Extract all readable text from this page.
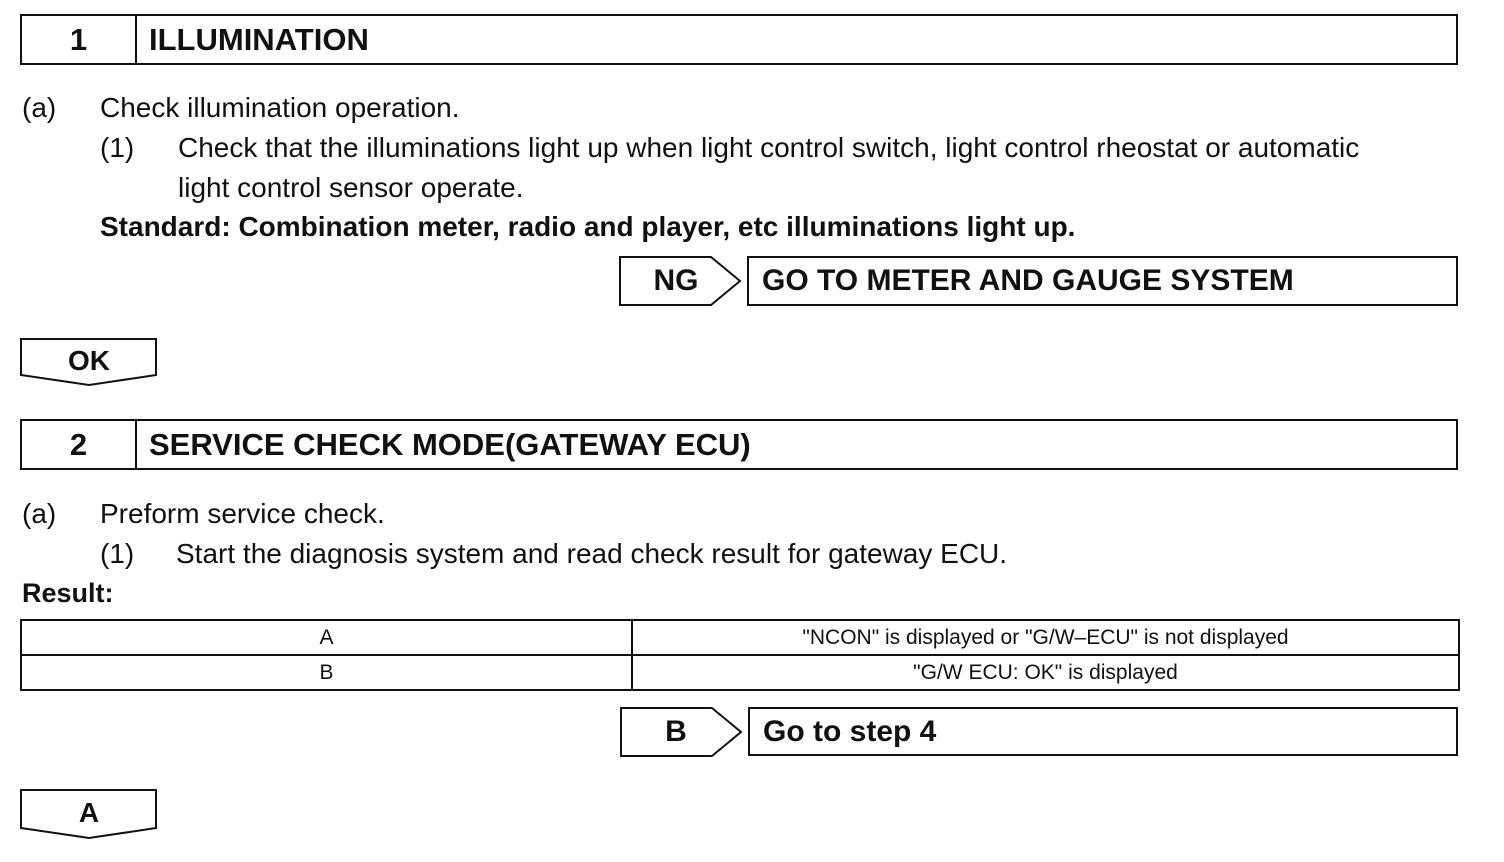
1	ILLUMINATION
(a) Check illumination operation.
(1) Check that the illuminations light up when light control switch, light control rheostat or automatic
light control sensor operate.
Standard: Combination meter, radio and player, etc illuminations light up.
NG	GO TO METER AND GAUGE SYSTEM
OK
2	SERVICE CHECK MODE(GATEWAY ECU)
(a) Preform service check.
(1) Start the diagnosis system and read check result for gateway ECU.
Result:
A	"NCON" is displayed or "G/W–ECU" is not displayed
B	"G/W ECU: OK" is displayed
B	Go to step 4
A
